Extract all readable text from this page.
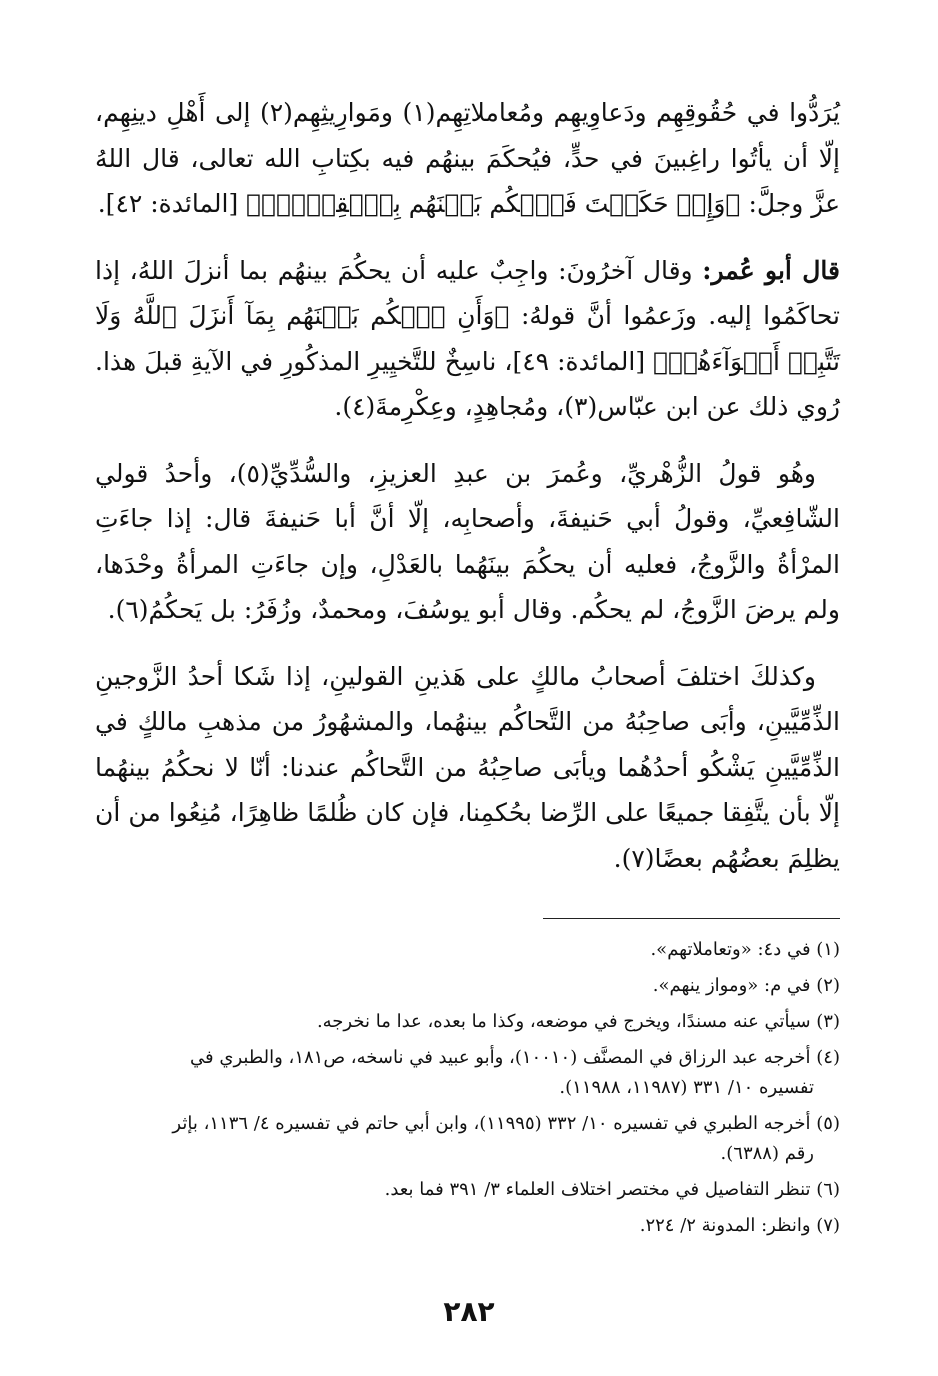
يُرَدُّوا في حُقُوقِهِم ودَعاوِيهِم ومُعاملاتِهِم(١) ومَوارِيثِهِم(٢) إلى أَهْلِ دينِهِم، إلّا أن يأتُوا راغِبينَ في حدٍّ، فيُحكَمَ بينهُم فيه بكِتابِ الله تعالى، قال اللهُ عزَّ وجلَّ: ﴿وَإِنۡ حَكَمۡتَ فَٱحۡكُم بَيۡنَهُم بِٱلۡقِسۡطِۚ﴾ [المائدة: ٤٢].

قال أبو عُمر: وقال آخرُونَ: واجِبٌ عليه أن يحكُمَ بينهُم بما أنزلَ اللهُ، إذا تحاكَمُوا إليه. وزَعمُوا أنَّ قولهُ: ﴿وَأَنِ ٱحۡكُم بَيۡنَهُم بِمَآ أَنزَلَ ٱللَّهُ وَلَا تَتَّبِعۡ أَهۡوَآءَهُمۡ﴾ [المائدة: ٤٩]، ناسِخٌ للتَّخيِيرِ المذكُورِ في الآيةِ قبلَ هذا. رُوي ذلك عن ابن عبّاس(٣)، ومُجاهِدٍ، وعِكْرِمةَ(٤).

وهُو قولُ الزُّهْريِّ، وعُمرَ بن عبدِ العزيزِ، والسُّدِّيِّ(٥)، وأحدُ قولي الشّافِعيِّ، وقولُ أبي حَنيفةَ، وأصحابِه، إلّا أنَّ أبا حَنيفةَ قال: إذا جاءَتِ المرْأةُ والزَّوجُ، فعليه أن يحكُمَ بينَهُما بالعَدْلِ، وإن جاءَتِ المرأةُ وحْدَها، ولم يرضَ الزَّوجُ، لم يحكُم. وقال أبو يوسُفَ، ومحمدٌ، وزُفَرُ: بل يَحكُمُ(٦).

وكذلكَ اختلفَ أصحابُ مالكٍ على هَذينِ القولينِ، إذا شَكا أحدُ الزَّوجينِ الذِّمِّيَّينِ، وأبَى صاحِبُهُ من التَّحاكُم بينهُما، والمشهُورُ من مذهبِ مالكٍ في الذِّمِّيَّينِ يَشْكُو أحدُهُما ويأبَى صاحِبُهُ من التَّحاكُم عندنا: أنّا لا نحكُمُ بينهُما إلّا بأن يتَّفِقا جميعًا على الرِّضا بحُكمِنا، فإن كان ظُلمًا ظاهِرًا، مُنِعُوا من أن يظلِمَ بعضُهُم بعضًا(٧).

(١) في د٤: «وتعاملاتهم».
(٢) في م: «ومواز ينهم».
(٣) سيأتي عنه مسندًا، ويخرج في موضعه، وكذا ما بعده، عدا ما نخرجه.
(٤) أخرجه عبد الرزاق في المصنَّف (١٠٠١٠)، وأبو عبيد في ناسخه، ص١٨١، والطبري في
تفسيره ١٠/ ٣٣١ (١١٩٨٧، ١١٩٨٨).
(٥) أخرجه الطبري في تفسيره ١٠/ ٣٣٢ (١١٩٩٥)، وابن أبي حاتم في تفسيره ٤/ ١١٣٦، بإثر
رقم (٦٣٨٨).
(٦) تنظر التفاصيل في مختصر اختلاف العلماء ٣/ ٣٩١ فما بعد.
(٧) وانظر: المدونة ٢/ ٢٢٤.
٢٨٢
